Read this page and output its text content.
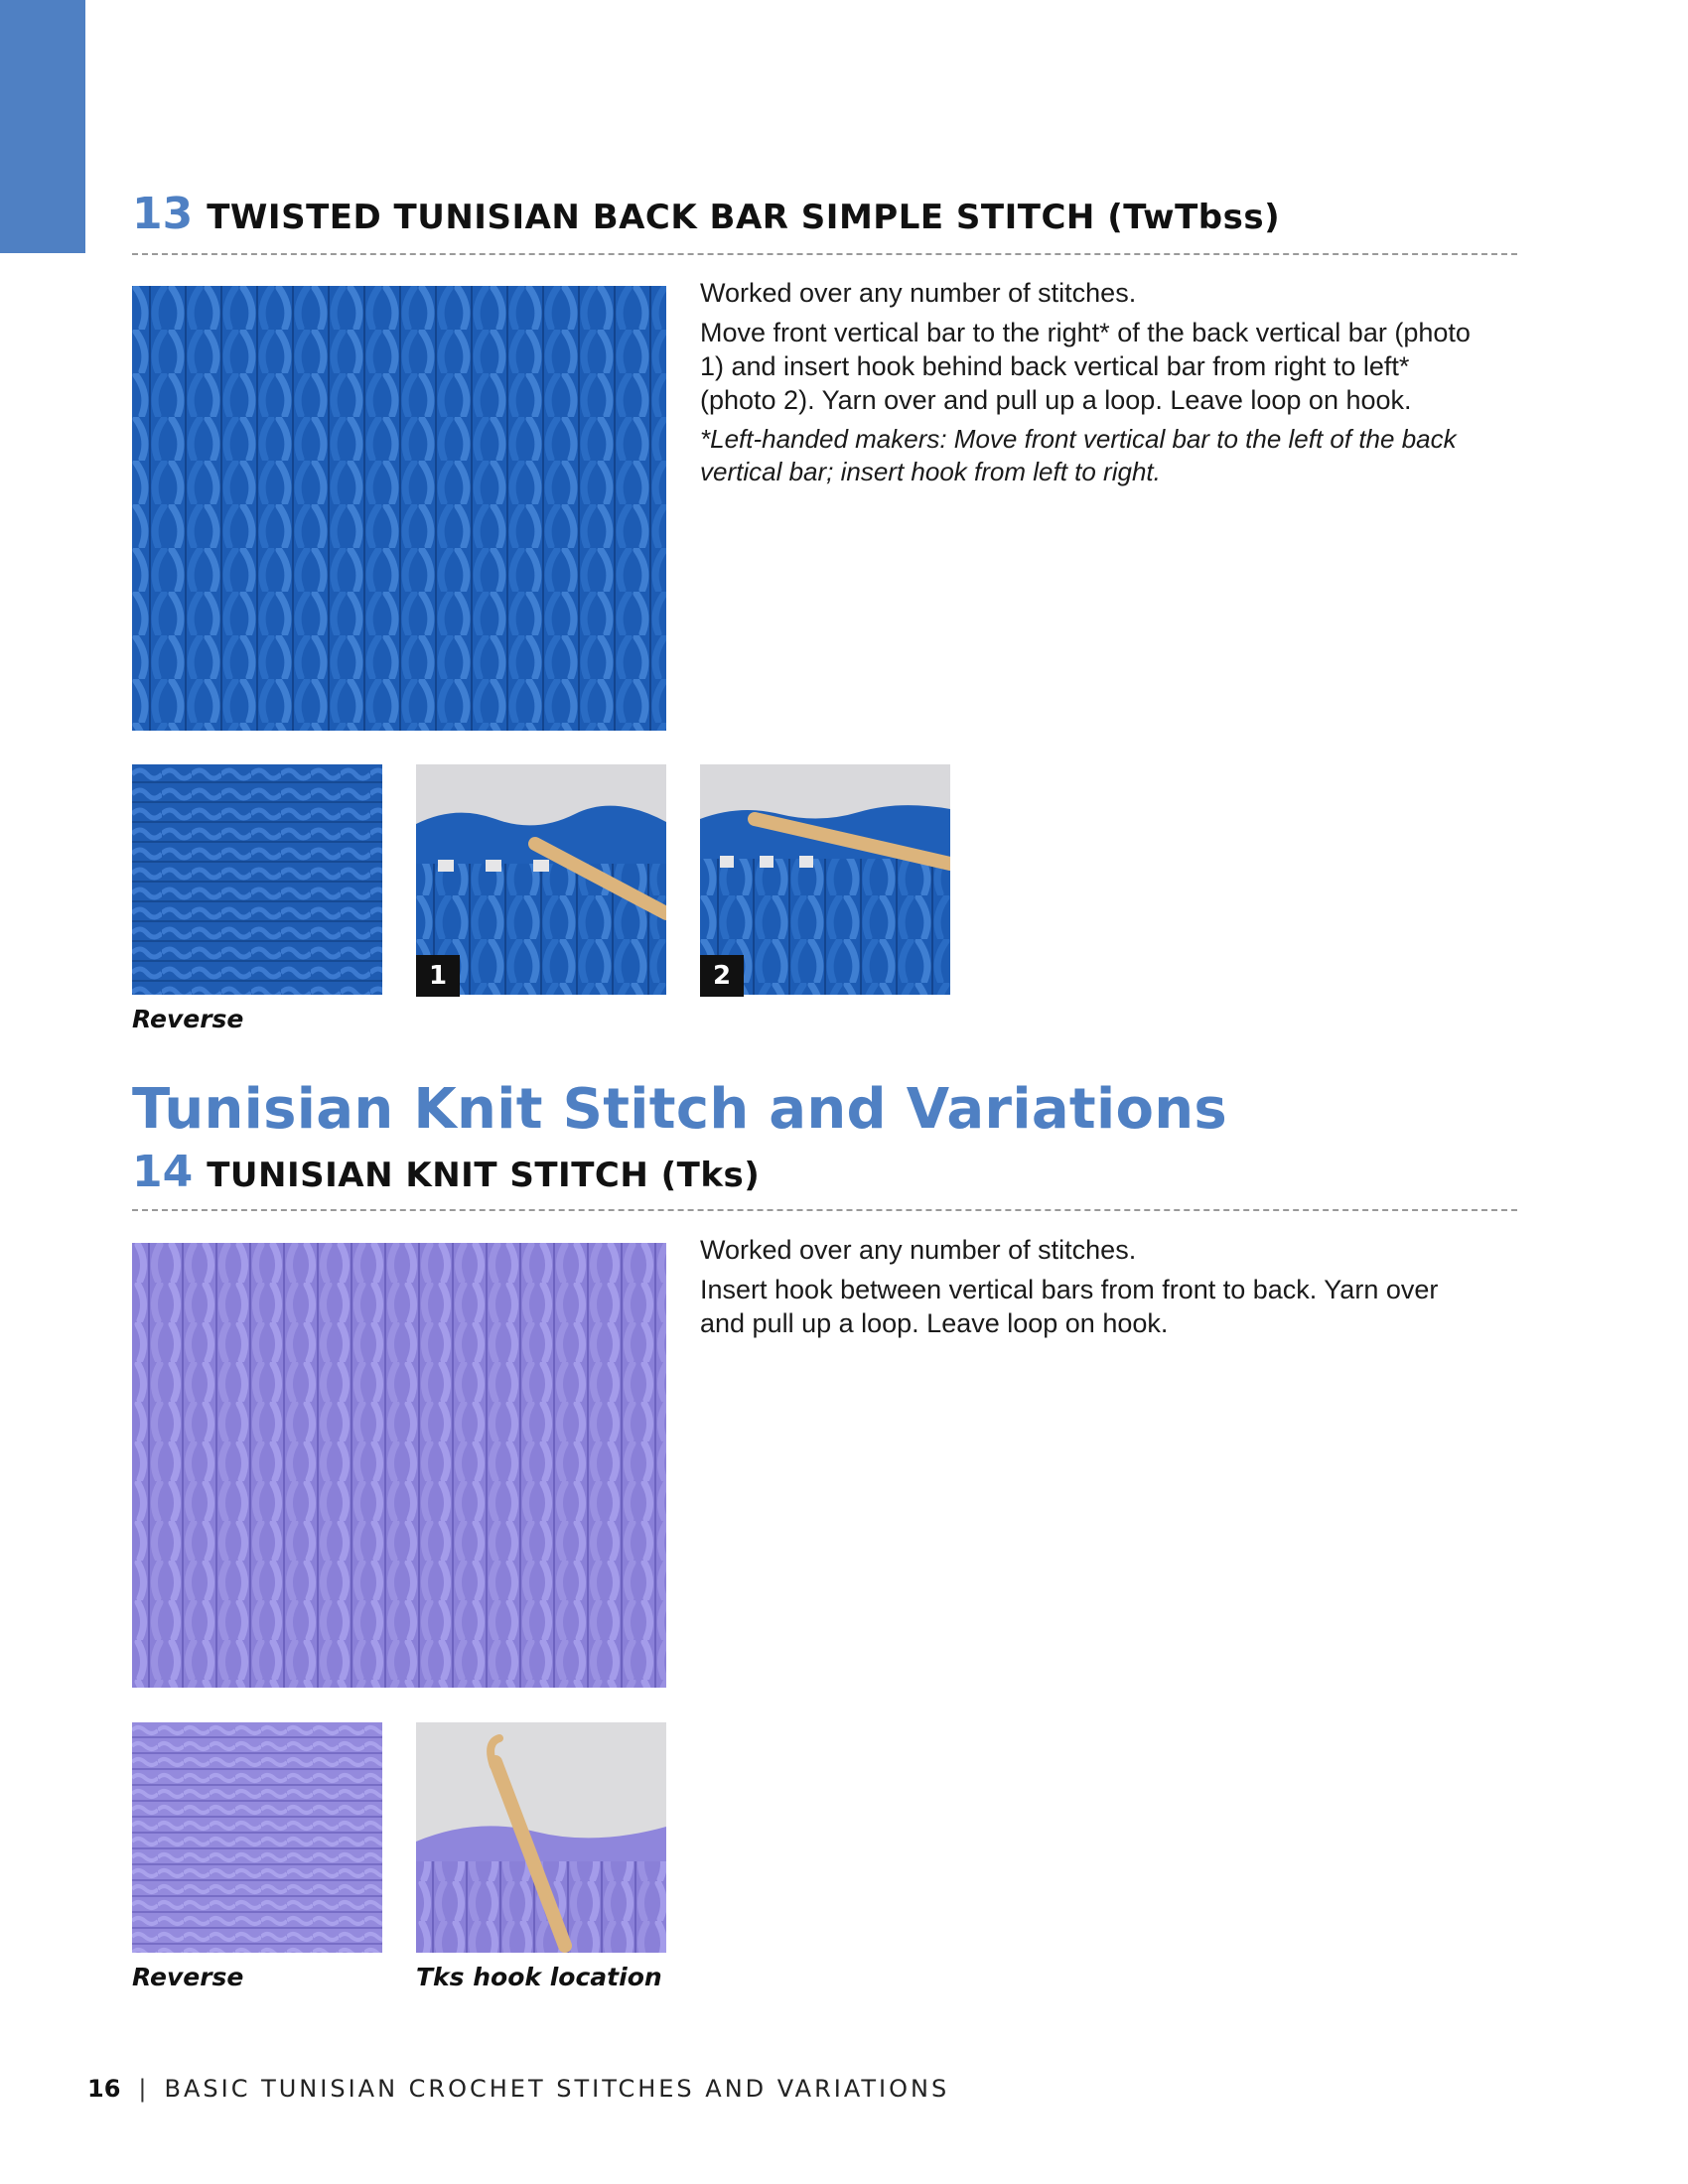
13 TWISTED TUNISIAN BACK BAR SIMPLE STITCH (TwTbss)

Worked over any number of stitches.

Move front vertical bar to the right* of the back vertical bar (photo 1) and insert hook behind back vertical bar from right to left* (photo 2). Yarn over and pull up a loop. Leave loop on hook.

*Left-handed makers: Move front vertical bar to the left of the back vertical bar; insert hook from left to right.

1	2
Reverse
Tunisian Knit Stitch and Variations
14 TUNISIAN KNIT STITCH (Tks)

Worked over any number of stitches.

Insert hook between vertical bars from front to back. Yarn over and pull up a loop. Leave loop on hook.

Reverse	Tks hook location
16 | BASIC TUNISIAN CROCHET STITCHES AND VARIATIONS
